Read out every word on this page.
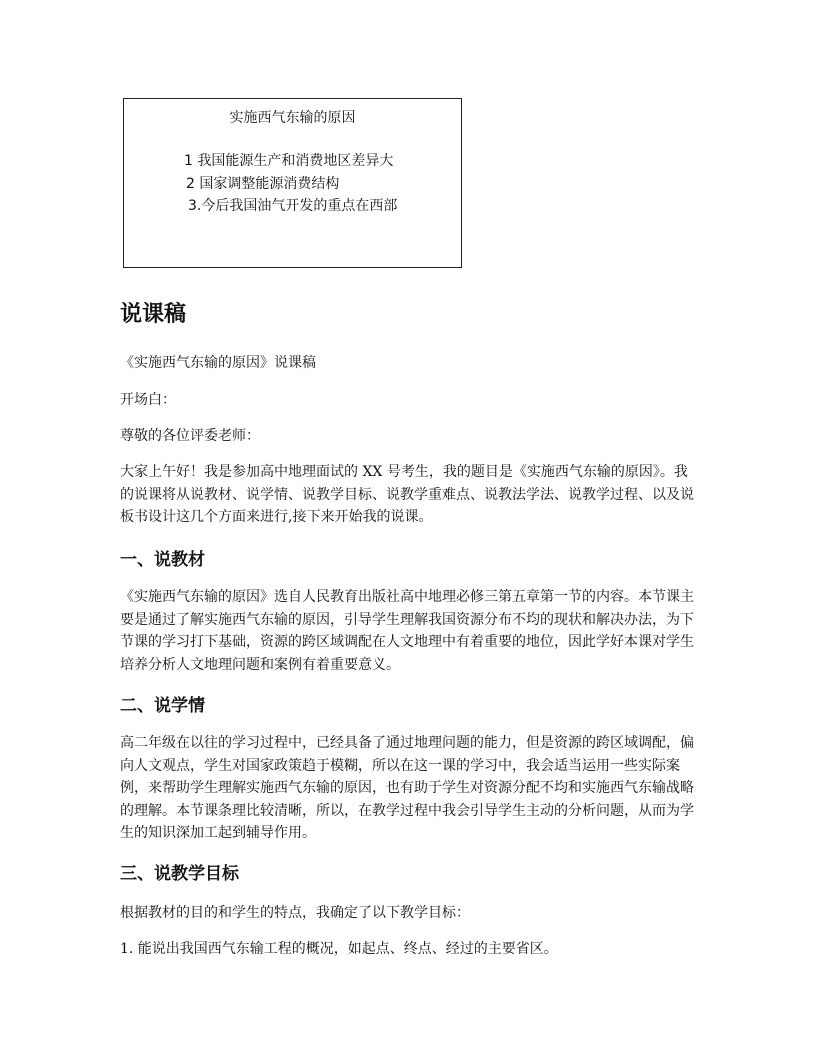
实施西气东输的原因
1 我国能源生产和消费地区差异大
2 国家调整能源消费结构
3.今后我国油气开发的重点在西部
说课稿

《实施西气东输的原因》说课稿

开场白：

尊敬的各位评委老师：

大家上午好！我是参加高中地理面试的 XX 号考生，我的题目是《实施西气东输的原因》。我的说课将从说教材、说学情、说教学目标、说教学重难点、说教法学法、说教学过程、以及说板书设计这几个方面来进行,接下来开始我的说课。

一、说教材

《实施西气东输的原因》选自人民教育出版社高中地理必修三第五章第一节的内容。本节课主要是通过了解实施西气东输的原因，引导学生理解我国资源分布不均的现状和解决办法，为下节课的学习打下基础，资源的跨区域调配在人文地理中有着重要的地位，因此学好本课对学生培养分析人文地理问题和案例有着重要意义。

二、说学情

高二年级在以往的学习过程中，已经具备了通过地理问题的能力，但是资源的跨区域调配，偏向人文观点，学生对国家政策趋于模糊，所以在这一课的学习中，我会适当运用一些实际案例，来帮助学生理解实施西气东输的原因，也有助于学生对资源分配不均和实施西气东输战略的理解。本节课条理比较清晰，所以，在教学过程中我会引导学生主动的分析问题，从而为学生的知识深加工起到辅导作用。

三、说教学目标

根据教材的目的和学生的特点，我确定了以下教学目标：

1. 能说出我国西气东输工程的概况，如起点、终点、经过的主要省区。
